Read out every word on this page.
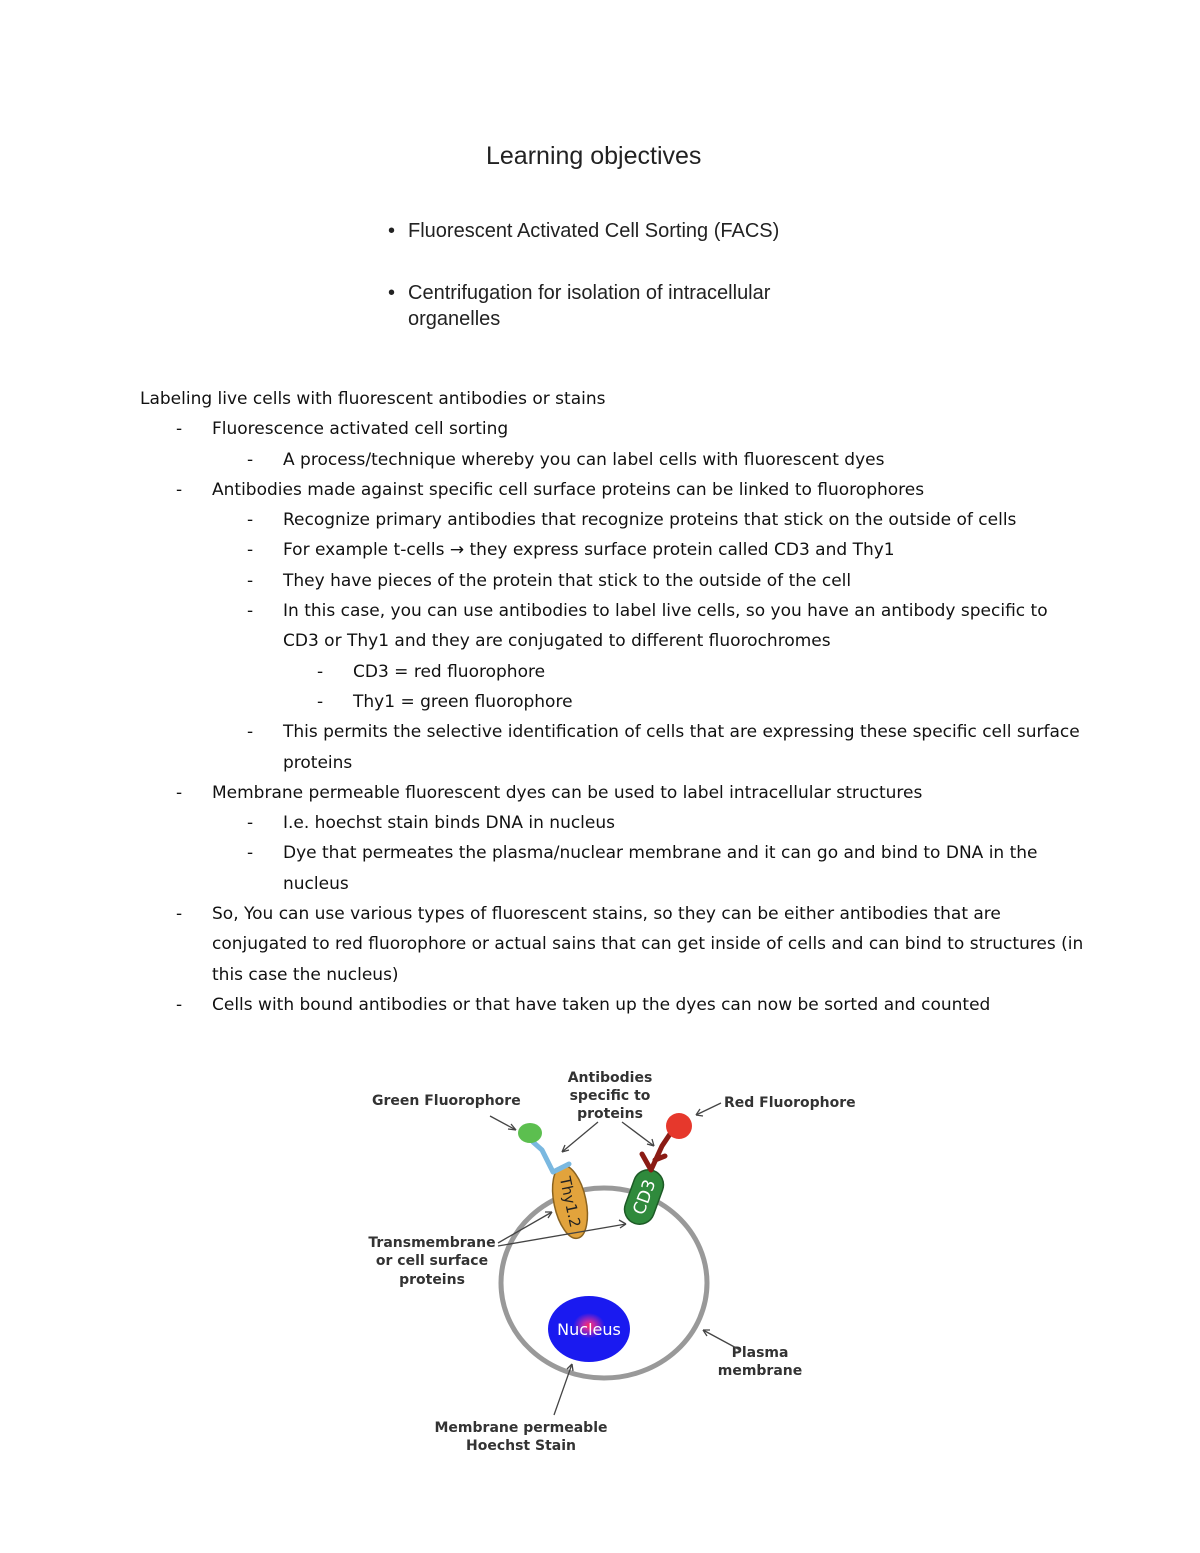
Learning objectives
• Fluorescent Activated Cell Sorting (FACS)
• Centrifugation for isolation of intracellular organelles
Labeling live cells with fluorescent antibodies or stains
- Fluorescence activated cell sorting
- A process/technique whereby you can label cells with fluorescent dyes
- Antibodies made against specific cell surface proteins can be linked to fluorophores
- Recognize primary antibodies that recognize proteins that stick on the outside of cells
- For example t-cells → they express surface protein called CD3 and Thy1
- They have pieces of the protein that stick to the outside of the cell
- In this case, you can use antibodies to label live cells, so you have an antibody specific to CD3 or Thy1 and they are conjugated to different fluorochromes
- CD3 = red fluorophore
- Thy1 = green fluorophore
- This permits the selective identification of cells that are expressing these specific cell surface proteins
- Membrane permeable fluorescent dyes can be used to label intracellular structures
- I.e. hoechst stain binds DNA in nucleus
- Dye that permeates the plasma/nuclear membrane and it can go and bind to DNA in the nucleus
- So, You can use various types of fluorescent stains, so they can be either antibodies that are conjugated to red fluorophore or actual sains that can get inside of cells and can bind to structures (in this case the nucleus)
- Cells with bound antibodies or that have taken up the dyes can now be sorted and counted
Nucleus
Thy1.2	CD3
Green Fluorophore
Antibodies
specific to
proteins
Red Fluorophore
Transmembrane
or cell surface
proteins
Plasma
membrane
Membrane permeable
Hoechst Stain
